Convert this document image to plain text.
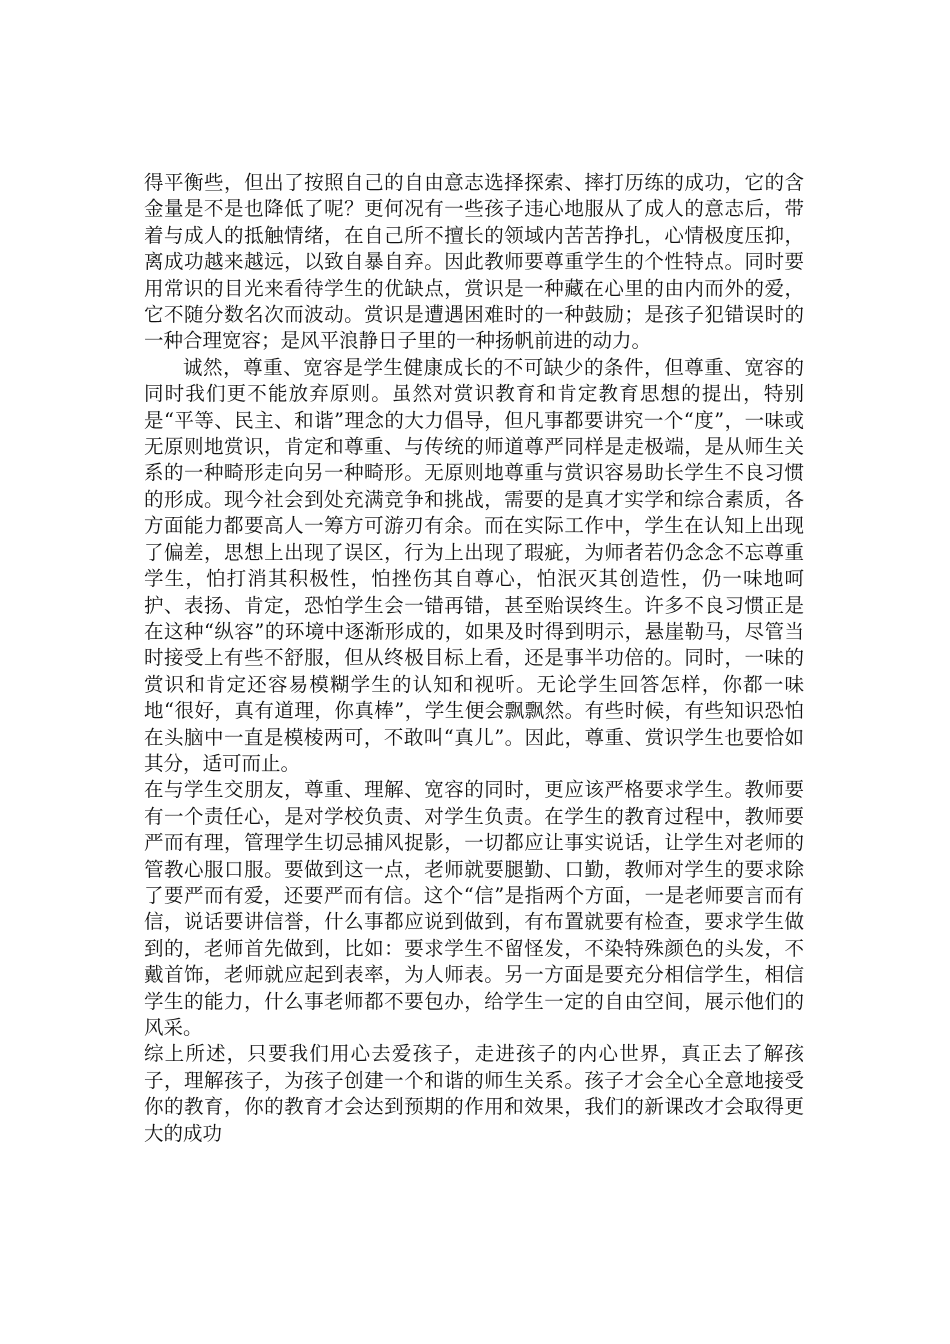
得平衡些，但出了按照自己的自由意志选择探索、摔打历练的成功，它的含金量是不是也降低了呢？更何况有一些孩子违心地服从了成人的意志后，带着与成人的抵触情绪，在自己所不擅长的领域内苦苦挣扎，心情极度压抑，离成功越来越远，以致自暴自弃。因此教师要尊重学生的个性特点。同时要用常识的目光来看待学生的优缺点，赏识是一种藏在心里的由内而外的爱，它不随分数名次而波动。赏识是遭遇困难时的一种鼓励；是孩子犯错误时的一种合理宽容；是风平浪静日子里的一种扬帆前进的动力。

诚然，尊重、宽容是学生健康成长的不可缺少的条件，但尊重、宽容的同时我们更不能放弃原则。虽然对赏识教育和肯定教育思想的提出，特别是“平等、民主、和谐”理念的大力倡导，但凡事都要讲究一个“度”，一味或无原则地赏识，肯定和尊重、与传统的师道尊严同样是走极端，是从师生关系的一种畸形走向另一种畸形。无原则地尊重与赏识容易助长学生不良习惯的形成。现今社会到处充满竞争和挑战，需要的是真才实学和综合素质，各方面能力都要高人一筹方可游刃有余。而在实际工作中，学生在认知上出现了偏差，思想上出现了误区，行为上出现了瑕疵，为师者若仍念念不忘尊重学生，怕打消其积极性，怕挫伤其自尊心，怕泯灭其创造性，仍一味地呵护、表扬、肯定，恐怕学生会一错再错，甚至贻误终生。许多不良习惯正是在这种“纵容”的环境中逐渐形成的，如果及时得到明示，悬崖勒马，尽管当时接受上有些不舒服，但从终极目标上看，还是事半功倍的。同时，一味的赏识和肯定还容易模糊学生的认知和视听。无论学生回答怎样，你都一味地“很好，真有道理，你真棒”，学生便会飘飘然。有些时候，有些知识恐怕在头脑中一直是模棱两可，不敢叫“真儿”。因此，尊重、赏识学生也要恰如其分，适可而止。

在与学生交朋友，尊重、理解、宽容的同时，更应该严格要求学生。教师要有一个责任心，是对学校负责、对学生负责。在学生的教育过程中，教师要严而有理，管理学生切忌捕风捉影，一切都应让事实说话，让学生对老师的管教心服口服。要做到这一点，老师就要腿勤、口勤，教师对学生的要求除了要严而有爱，还要严而有信。这个“信”是指两个方面，一是老师要言而有信，说话要讲信誉，什么事都应说到做到，有布置就要有检查，要求学生做到的，老师首先做到，比如：要求学生不留怪发，不染特殊颜色的头发，不戴首饰，老师就应起到表率，为人师表。另一方面是要充分相信学生，相信学生的能力，什么事老师都不要包办，给学生一定的自由空间，展示他们的风采。

综上所述，只要我们用心去爱孩子，走进孩子的内心世界，真正去了解孩子，理解孩子，为孩子创建一个和谐的师生关系。孩子才会全心全意地接受你的教育，你的教育才会达到预期的作用和效果，我们的新课改才会取得更大的成功
